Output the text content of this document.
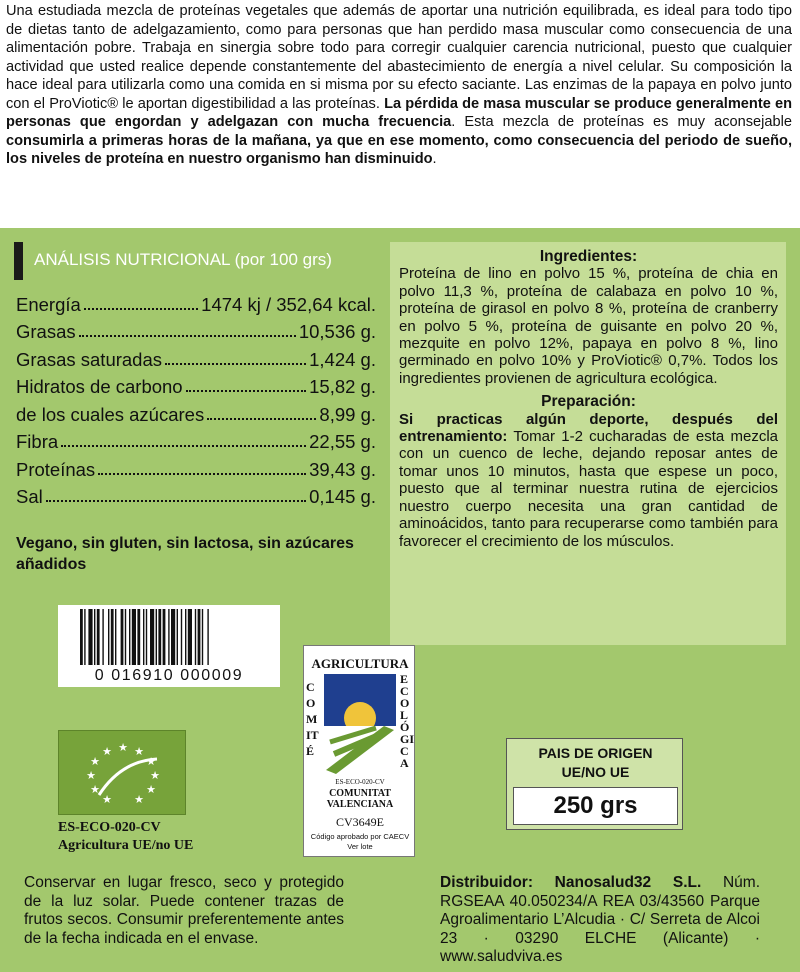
Una estudiada mezcla de proteínas vegetales que además de aportar una nutrición equilibrada, es ideal para todo tipo de dietas tanto de adelgazamiento, como para personas que han perdido masa muscular como consecuencia de una alimentación pobre. Trabaja en sinergia sobre todo para corregir cualquier carencia nutricional, puesto que cualquier actividad que usted realice depende constantemente del abastecimiento de energía a nivel celular. Su composición la hace ideal para utilizarla como una comida en si misma por su efecto saciante. Las enzimas de la papaya en polvo junto con el ProViotic® le aportan digestibilidad a las proteínas. La pérdida de masa muscular se produce generalmente en personas que engordan y adelgazan con mucha frecuencia. Esta mezcla de proteínas es muy aconsejable consumirla a primeras horas de la mañana, ya que en ese momento, como consecuencia del periodo de sueño, los niveles de proteína en nuestro organismo han disminuido.

ANÁLISIS NUTRICIONAL (por 100 grs)
Energía	1474 kj / 352,64 kcal.
Grasas	10,536 g.
Grasas saturadas	1,424 g.
Hidratos de carbono	15,82 g.
de los cuales azúcares	8,99 g.
Fibra	22,55 g.
Proteínas	39,43 g.
Sal	0,145 g.
Vegano, sin gluten, sin lactosa, sin azúcares añadidos
Ingredientes:
Proteína de lino en polvo 15 %, proteína de chia en polvo 11,3 %, proteína de calabaza en polvo 10 %, proteína de girasol en polvo 8 %, proteína de cranberry en polvo 5 %, proteína de guisante en polvo 20 %, mezquite en polvo 12%, papaya en polvo 8 %, lino germinado en polvo 10% y ProViotic® 0,7%. Todos los ingredientes provienen de agricultura ecológica.
Preparación:
Si practicas algún deporte, después del entrenamiento: Tomar 1-2 cucharadas de esta mezcla con un cuenco de leche, dejando reposar antes de tomar unos 10 minutos, hasta que espese un poco, puesto que al terminar nuestra rutina de ejercicios nuestro cuerpo necesita una gran cantidad de aminoácidos, tanto para recuperarse como también para favorecer el crecimiento de los músculos.
0 016910 000009
★ ★
★
★
★
★
★
★
★
★
★
ES-ECO-020-CV
Agricultura UE/no UE
AGRICULTURA
COMITÉ
ECOLÓGICA
ES-ECO-020-CV
COMUNITAT
VALENCIANA
CV3649E
Código aprobado por CAECV
Ver lote
PAIS DE ORIGEN
UE/NO UE
250 grs
Conservar en lugar fresco, seco y protegido de la luz solar. Puede contener trazas de frutos secos. Consumir preferentemente antes de la fecha indicada en el envase.
Distribuidor: Nanosalud32 S.L. Núm. RGSEAA 40.050234/A REA 03/43560 Parque Agroalimentario L’Alcudia · C/ Serreta de Alcoi 23 · 03290 ELCHE (Alicante) · www.saludviva.es
